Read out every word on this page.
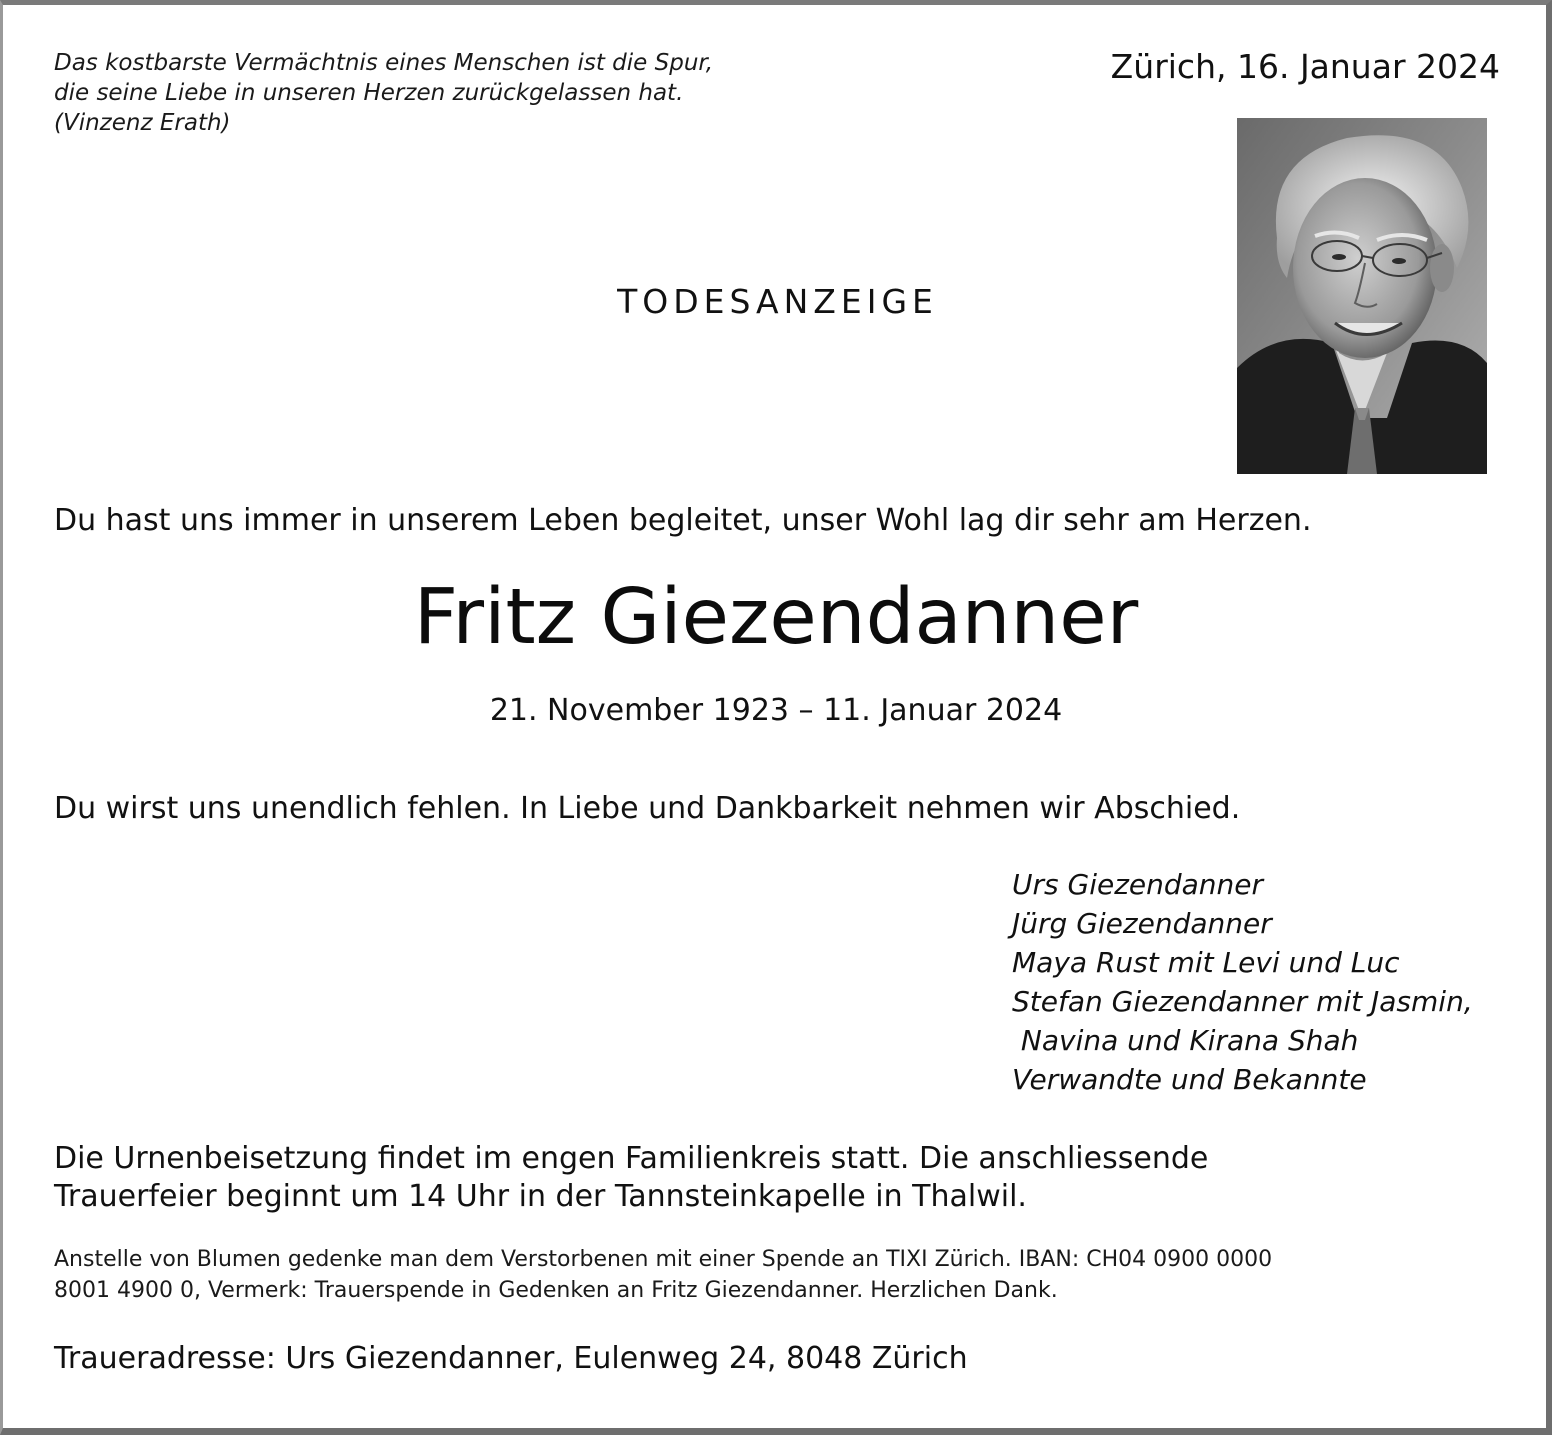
Das kostbarste Vermächtnis eines Menschen ist die Spur,
die seine Liebe in unseren Herzen zurückgelassen hat.
(Vinzenz Erath)
Zürich, 16. Januar 2024
TODESANZEIGE
Du hast uns immer in unserem Leben begleitet, unser Wohl lag dir sehr am Herzen.
Fritz Giezendanner
21. November 1923 – 11. Januar 2024
Du wirst uns unendlich fehlen. In Liebe und Dankbarkeit nehmen wir Abschied.
Urs Giezendanner
Jürg Giezendanner
Maya Rust mit Levi und Luc
Stefan Giezendanner mit Jasmin,
Navina und Kirana Shah
Verwandte und Bekannte
Die Urnenbeisetzung findet im engen Familienkreis statt. Die anschliessende
Trauerfeier beginnt um 14 Uhr in der Tannsteinkapelle in Thalwil.
Anstelle von Blumen gedenke man dem Verstorbenen mit einer Spende an TIXI Zürich. IBAN: CH04 0900 0000
8001 4900 0, Vermerk: Trauerspende in Gedenken an Fritz Giezendanner. Herzlichen Dank.
Traueradresse: Urs Giezendanner, Eulenweg 24, 8048 Zürich
